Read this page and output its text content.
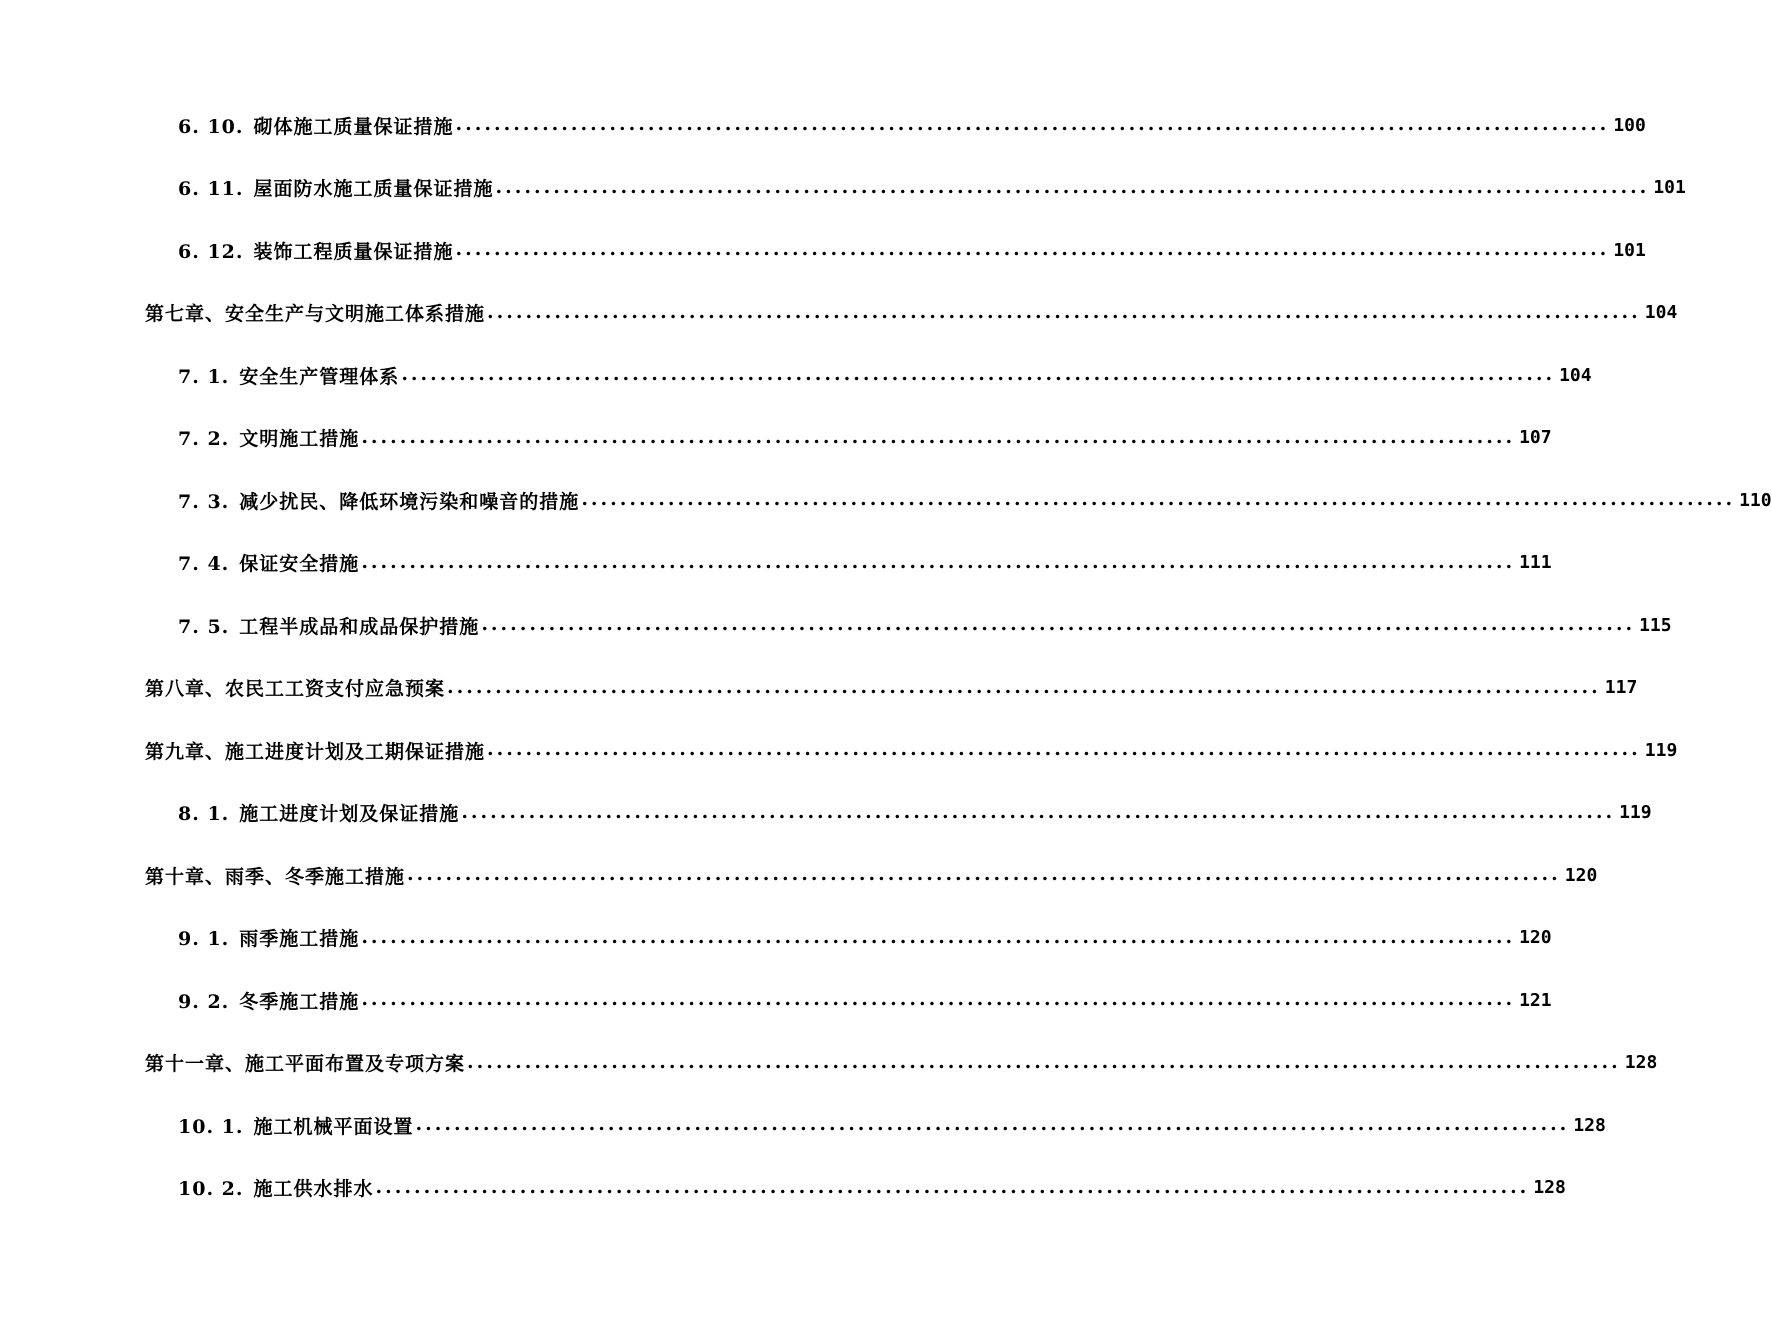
6. 10. 砌体施工质量保证措施 ........................................................................................................................ 100
6. 11. 屋面防水施工质量保证措施 ........................................................................................................................ 101
6. 12. 装饰工程质量保证措施 ........................................................................................................................ 101
第七章、安全生产与文明施工体系措施 ........................................................................................................................ 104
7. 1. 安全生产管理体系 ........................................................................................................................ 104
7. 2. 文明施工措施 ........................................................................................................................ 107
7. 3. 减少扰民、降低环境污染和噪音的措施 ........................................................................................................................ 110
7. 4. 保证安全措施 ........................................................................................................................ 111
7. 5. 工程半成品和成品保护措施 ........................................................................................................................ 115
第八章、农民工工资支付应急预案 ........................................................................................................................ 117
第九章、施工进度计划及工期保证措施 ........................................................................................................................ 119
8. 1. 施工进度计划及保证措施 ........................................................................................................................ 119
第十章、雨季、冬季施工措施 ........................................................................................................................ 120
9. 1. 雨季施工措施 ........................................................................................................................ 120
9. 2. 冬季施工措施 ........................................................................................................................ 121
第十一章、施工平面布置及专项方案 ........................................................................................................................ 128
10. 1. 施工机械平面设置 ........................................................................................................................ 128
10. 2. 施工供水排水 ........................................................................................................................ 128
